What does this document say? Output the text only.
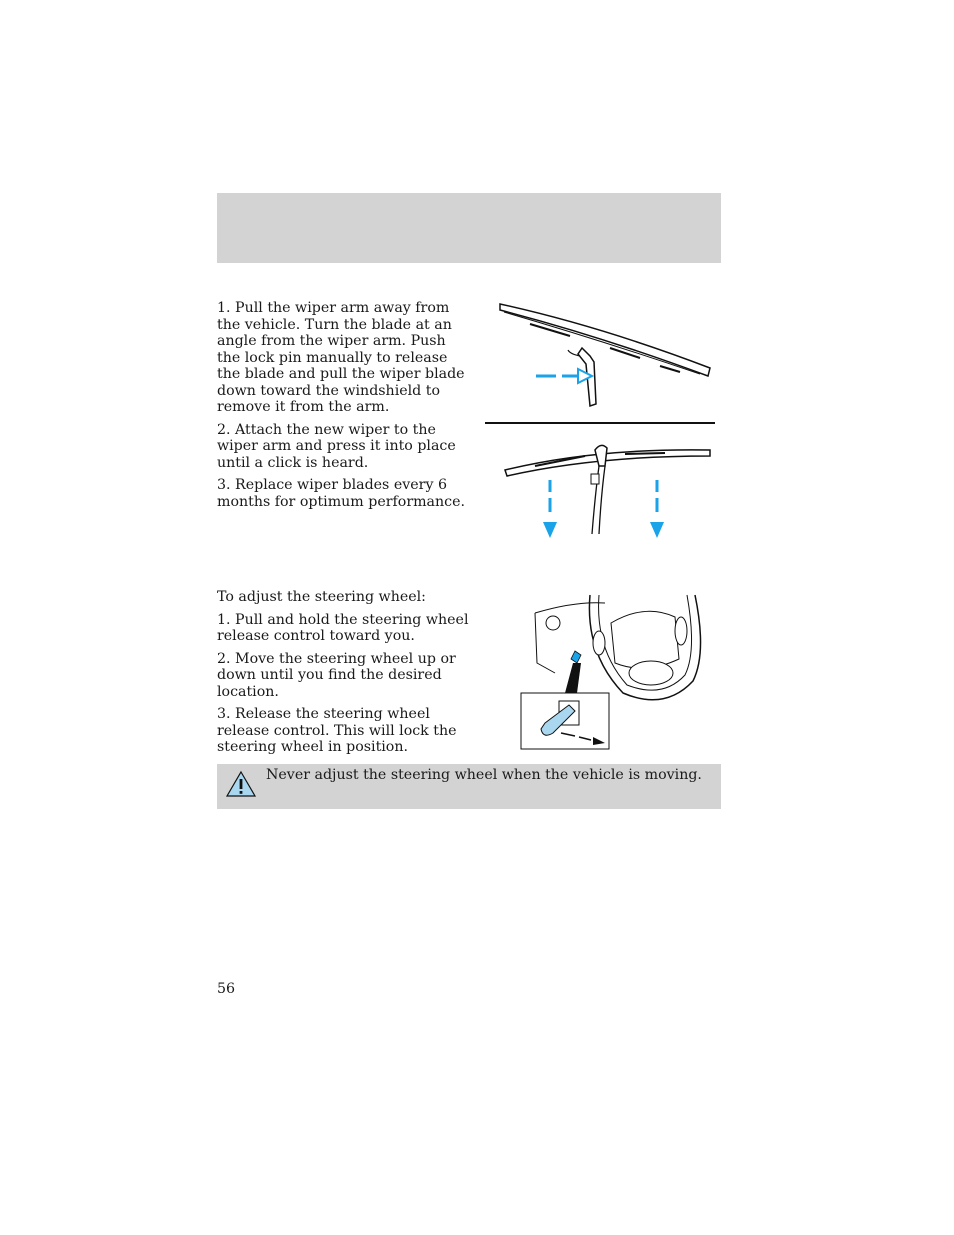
1. Pull the wiper arm away from the vehicle. Turn the blade at an angle from the wiper arm. Push the lock pin manually to release the blade and pull the wiper blade down toward the windshield to remove it from the arm.

2. Attach the new wiper to the wiper arm and press it into place until a click is heard.

3. Replace wiper blades every 6 months for optimum performance.

To adjust the steering wheel:

1. Pull and hold the steering wheel release control toward you.

2. Move the steering wheel up or down until you find the desired location.

3. Release the steering wheel release control. This will lock the steering wheel in position.

Never adjust the steering wheel when the vehicle is moving.
56
